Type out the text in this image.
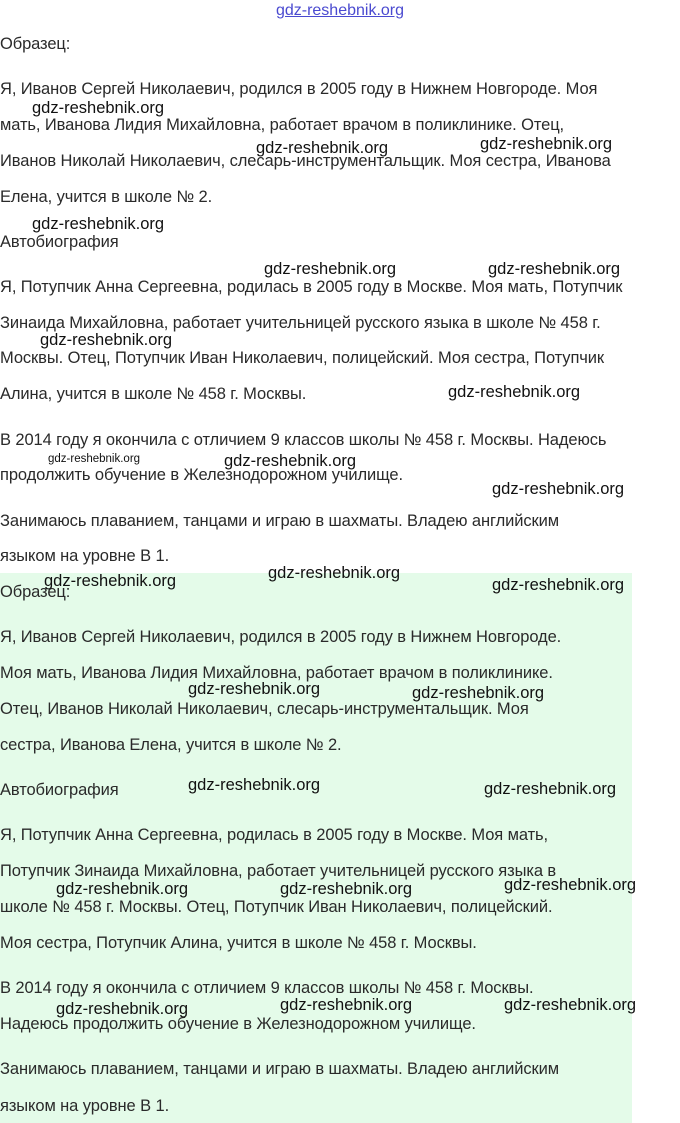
gdz-reshebnik.org
Образец:
Я, Иванов Сергей Николаевич, родился в 2005 году в Нижнем Новгороде. Моя
мать, Иванова Лидия Михайловна, работает врачом в поликлинике. Отец,
Иванов Николай Николаевич, слесарь-инструментальщик. Моя сестра, Иванова
Елена, учится в школе № 2.
Автобиография
Я, Потупчик Анна Сергеевна, родилась в 2005 году в Москве. Моя мать, Потупчик
Зинаида Михайловна, работает учительницей русского языка в школе № 458 г.
Москвы. Отец, Потупчик Иван Николаевич, полицейский. Моя сестра, Потупчик
Алина, учится в школе № 458 г. Москвы.
В 2014 году я окончила с отличием 9 классов школы № 458 г. Москвы. Надеюсь
продолжить обучение в Железнодорожном училище.
Занимаюсь плаванием, танцами и играю в шахматы. Владею английским
языком на уровне В 1.
Образец:
Я, Иванов Сергей Николаевич, родился в 2005 году в Нижнем Новгороде.
Моя мать, Иванова Лидия Михайловна, работает врачом в поликлинике.
Отец, Иванов Николай Николаевич, слесарь-инструментальщик. Моя
сестра, Иванова Елена, учится в школе № 2.
Автобиография
Я, Потупчик Анна Сергеевна, родилась в 2005 году в Москве. Моя мать,
Потупчик Зинаида Михайловна, работает учительницей русского языка в
школе № 458 г. Москвы. Отец, Потупчик Иван Николаевич, полицейский.
Моя сестра, Потупчик Алина, учится в школе № 458 г. Москвы.
В 2014 году я окончила с отличием 9 классов школы № 458 г. Москвы.
Надеюсь продолжить обучение в Железнодорожном училище.
Занимаюсь плаванием, танцами и играю в шахматы. Владею английским
языком на уровне В 1.
gdz-reshebnik.org
gdz-reshebnik.org	gdz-reshebnik.org
gdz-reshebnik.org
gdz-reshebnik.org	gdz-reshebnik.org
gdz-reshebnik.org
gdz-reshebnik.org
gdz-reshebnik.org	gdz-reshebnik.org
gdz-reshebnik.org
gdz-reshebnik.org	gdz-reshebnik.org
gdz-reshebnik.org
gdz-reshebnik.org	gdz-reshebnik.org
gdz-reshebnik.org	gdz-reshebnik.org
gdz-reshebnik.org	gdz-reshebnik.org	gdz-reshebnik.org
gdz-reshebnik.org	gdz-reshebnik.org	gdz-reshebnik.org
